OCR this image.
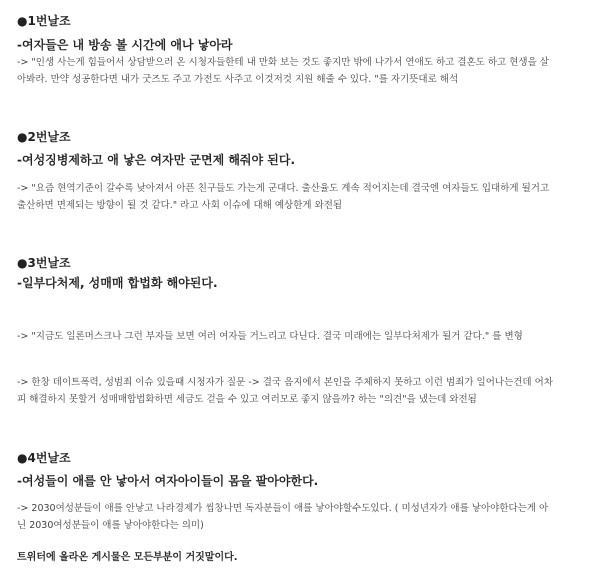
●1번날조
-여자들은 내 방송 볼 시간에 애나 낳아라
-> "인생 사는게 힘들어서 상담받으러 온 시청자들한테 내 만화 보는 것도 좋지만 밖에 나가서 연애도 하고 결혼도 하고 현생을 살아봐라. 만약 성공한다면 내가 굿즈도 주고 가전도 사주고 이것저것 지원 해줄 수 있다. "를 자기뜻대로 해석
●2번날조
-여성징병제하고 애 낳은 여자만 군면제 해줘야 된다.
-> "요즘 현역기준이 갈수록 낮아져서 아픈 친구들도 가는게 군대다. 출산율도 계속 적어지는데 결국엔 여자들도 입대하게 될거고 출산하면 면제되는 방향이 될 것 같다." 라고 사회 이슈에 대해 예상한게 와전됨
●3번날조
-일부다처제, 성매매 합법화 해야된다.
-> "지금도 일론머스크나 그런 부자들 보면 여러 여자들 거느리고 다닌다. 결국 미래에는 일부다처제가 될거 같다." 를 변형
-> 한창 데이트폭력, 성범죄 이슈 있을때 시청자가 질문 -> 결국 음지에서 본인을 주체하지 못하고 이런 범죄가 일어나는건데 어차피 해결하지 못할거 성매매합법화하면 세금도 걷을 수 있고 여러모로 좋지 않을까? 하는 "의견"을 냈는데 와전됨
●4번날조
-여성들이 애를 안 낳아서 여자아이들이 몸을 팔아야한다.
-> 2030여성분들이 애를 안낳고 나라경제가 씹창나면 독자분들이 애를 낳아야할수도있다. ( 미성년자가 애를 낳아야한다는게 아닌 2030여성분들이 애를 낳아야한다는 의미)
트위터에 올라온 게시물은 모든부분이 거짓말이다.
